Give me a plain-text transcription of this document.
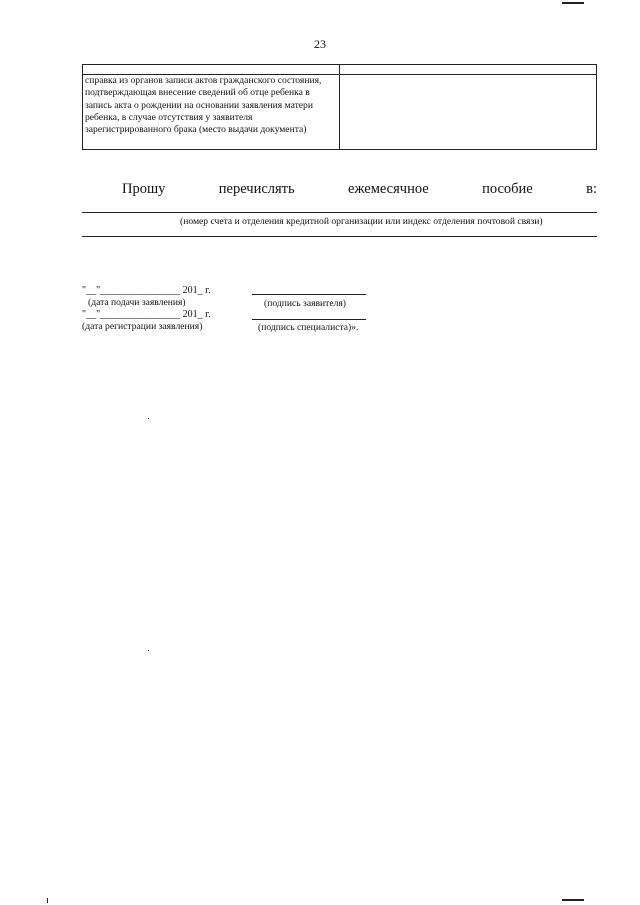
23

справка из органов записи актов гражданского состояния, подтверждающая внесение сведений об отце ребенка в запись акта о рождении на основании заявления матери ребенка, в случае отсутствия у заявителя зарегистрированного брака (место выдачи документа)	
Прошу	перечислять	ежемесячное	пособие	в:
(номер счета и отделения кредитной организации или индекс отделения почтовой связи)
"__"________________ 201_ г.
(дата подачи заявления)	(подпись заявителя)
"__"________________ 201_ г.
(дата регистрации заявления)	(подпись специалиста)».
